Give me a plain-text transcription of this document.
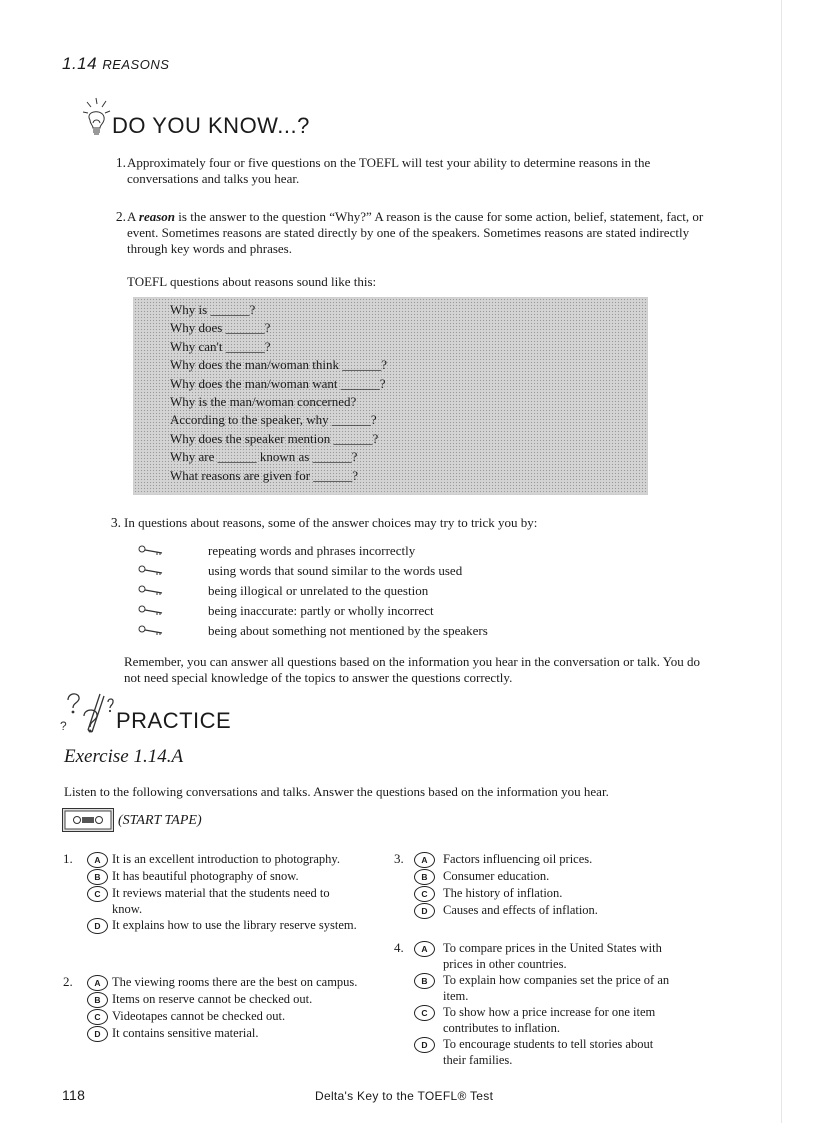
1.14 REASONS
DO YOU KNOW...?
1. Approximately four or five questions on the TOEFL will test your ability to determine reasons in the conversations and talks you hear.
2. A reason is the answer to the question “Why?” A reason is the cause for some action, belief, statement, fact, or event. Sometimes reasons are stated directly by one of the speakers. Sometimes reasons are stated indirectly through key words and phrases.
TOEFL questions about reasons sound like this:
Why is ______?
Why does ______?
Why can't ______?
Why does the man/woman think ______?
Why does the man/woman want ______?
Why is the man/woman concerned?
According to the speaker, why ______?
Why does the speaker mention ______?
Why are ______ known as ______?
What reasons are given for ______?
3. In questions about reasons, some of the answer choices may try to trick you by:
repeating words and phrases incorrectly
using words that sound similar to the words used
being illogical or unrelated to the question
being inaccurate: partly or wholly incorrect
being about something not mentioned by the speakers
Remember, you can answer all questions based on the information you hear in the conversation or talk. You do not need special knowledge of the topics to answer the questions correctly.
? PRACTICE
Exercise 1.14.A
Listen to the following conversations and talks. Answer the questions based on the information you hear.
(START TAPE)
1.	A It is an excellent introduction to photography.
B It has beautiful photography of snow.
C It reviews material that the students need to know.
D It explains how to use the library reserve system.
2.	A The viewing rooms there are the best on campus.
B Items on reserve cannot be checked out.
C Videotapes cannot be checked out.
D It contains sensitive material.
3.	A	Factors influencing oil prices.
B	Consumer education.
C	The history of inflation.
D	Causes and effects of inflation.
4.	A	To compare prices in the United States with prices in other countries.
B	To explain how companies set the price of an item.
C	To show how a price increase for one item contributes to inflation.
D	To encourage students to tell stories about their families.
118	Delta's Key to the TOEFL® Test
